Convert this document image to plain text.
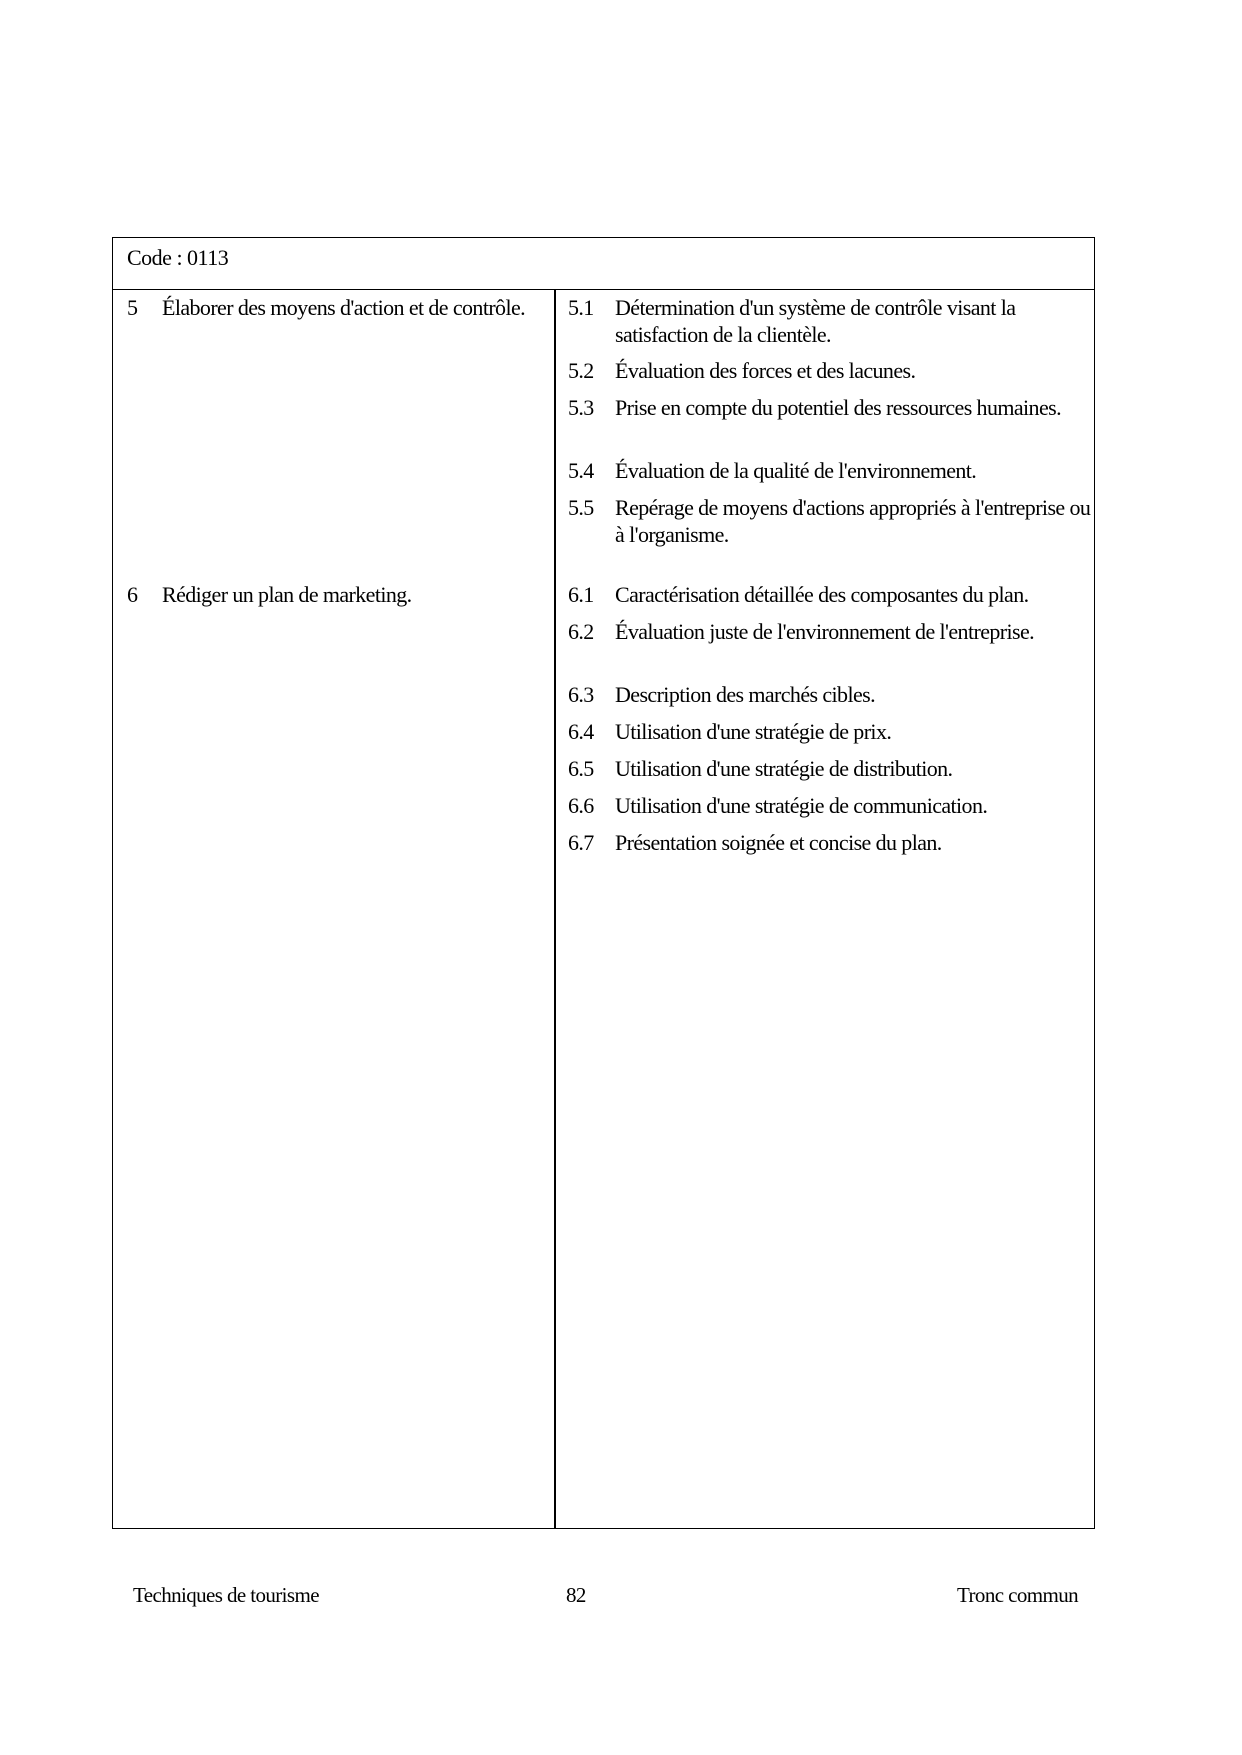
Code : 0113
5 Élaborer des moyens d'action et de contrôle.
6 Rédiger un plan de marketing.
5.1 Détermination d'un système de contrôle visant la satisfaction de la clientèle.
5.2 Évaluation des forces et des lacunes.
5.3 Prise en compte du potentiel des ressources humaines.
5.4 Évaluation de la qualité de l'environnement.
5.5 Repérage de moyens d'actions appropriés à l'entreprise ou à l'organisme.
6.1 Caractérisation détaillée des composantes du plan.
6.2 Évaluation juste de l'environnement de l'entreprise.
6.3 Description des marchés cibles.
6.4 Utilisation d'une stratégie de prix.
6.5 Utilisation d'une stratégie de distribution.
6.6 Utilisation d'une stratégie de communication.
6.7 Présentation soignée et concise du plan.
Techniques de tourisme	82	Tronc commun
